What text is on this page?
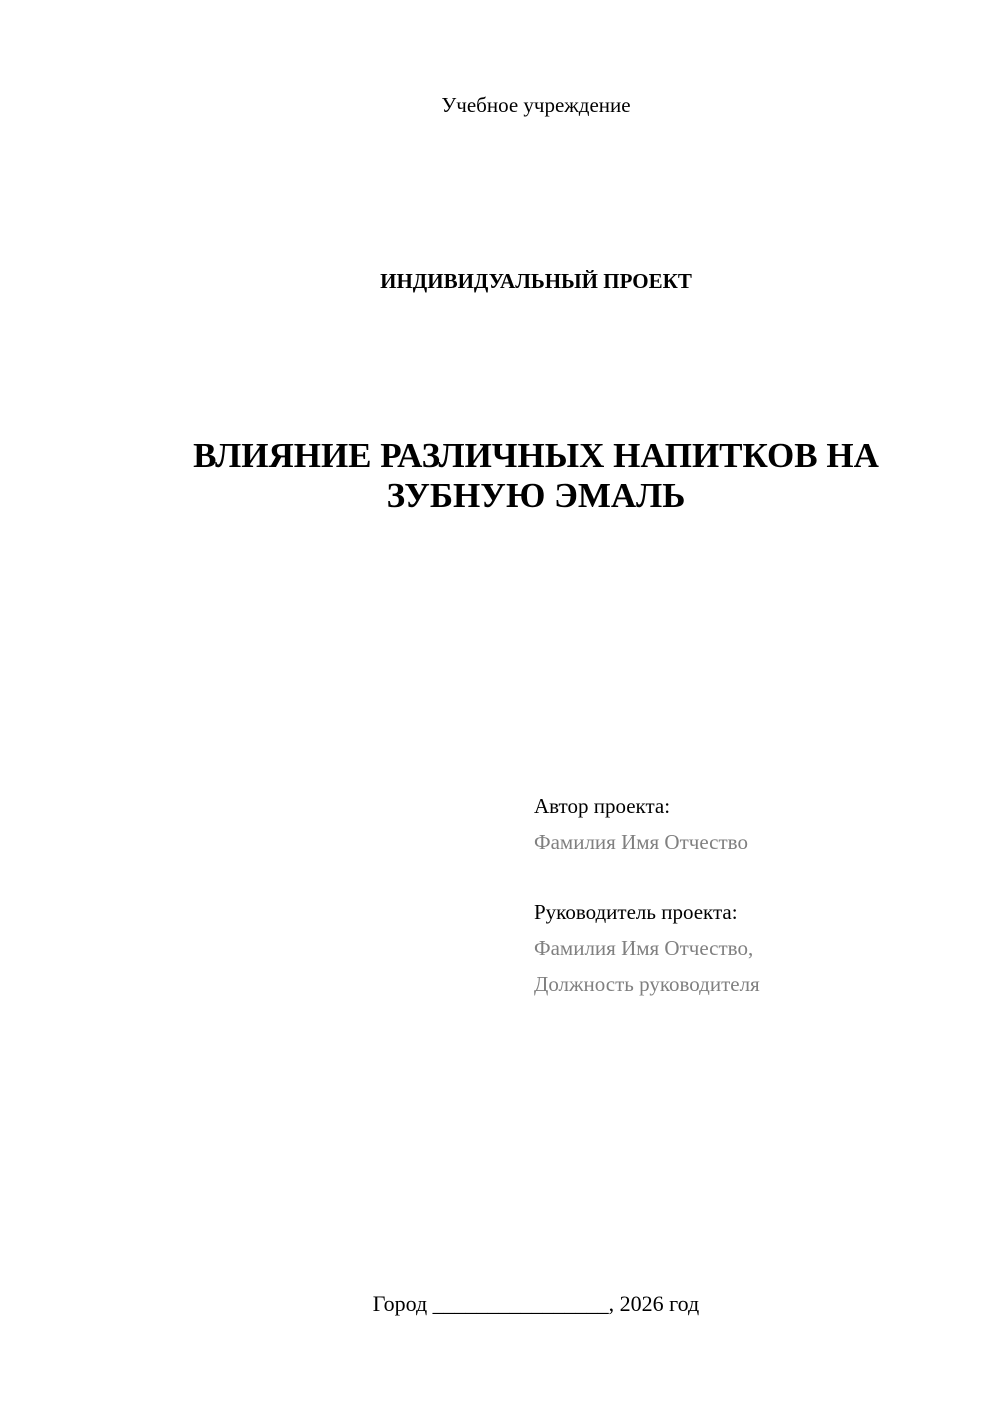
Учебное учреждение
ИНДИВИДУАЛЬНЫЙ ПРОЕКТ
ВЛИЯНИЕ РАЗЛИЧНЫХ НАПИТКОВ НА
ЗУБНУЮ ЭМАЛЬ
Автор проекта:
Фамилия Имя Отчество
Руководитель проекта:
Фамилия Имя Отчество,
Должность руководителя
Город ________________, 2026 год
